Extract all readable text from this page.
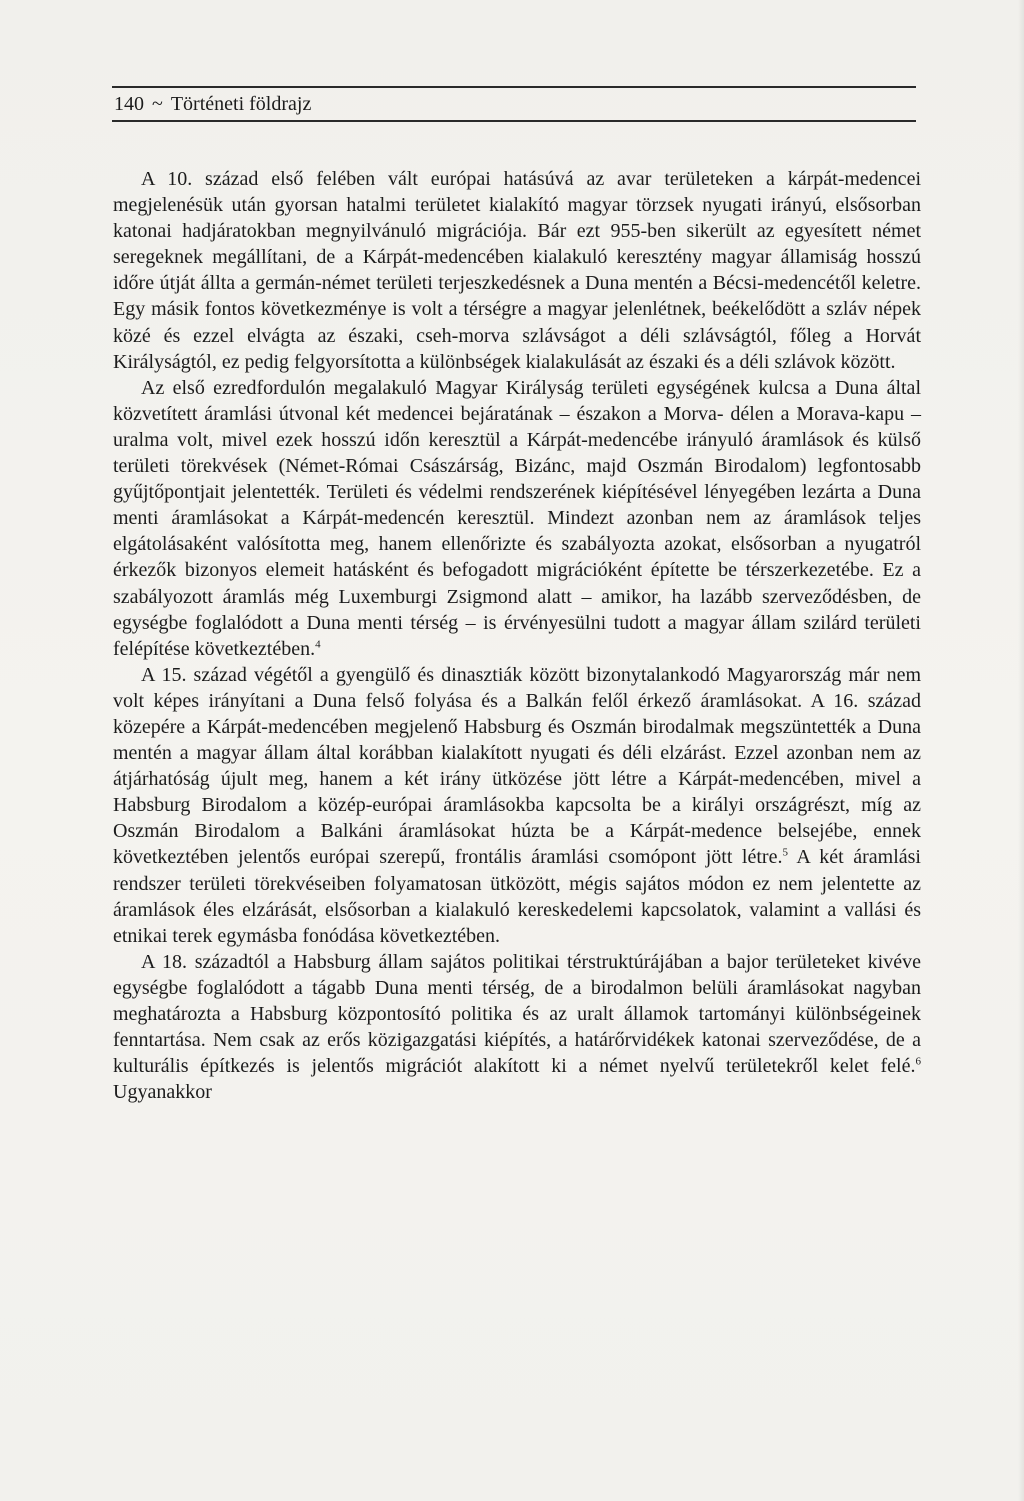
140 ~ Történeti földrajz

A 10. század első felében vált európai hatásúvá az avar területeken a kárpát-medencei megjelenésük után gyorsan hatalmi területet kialakító magyar törzsek nyugati irányú, elsősorban katonai hadjáratokban megnyilvánuló migrációja. Bár ezt 955-ben sikerült az egyesített német seregeknek megállítani, de a Kárpát-medencében kialakuló keresztény magyar államiság hosszú időre útját állta a germán-német területi terjeszkedésnek a Duna mentén a Bécsi-medencétől keletre. Egy másik fontos következménye is volt a térségre a magyar jelenlétnek, beékelődött a szláv népek közé és ezzel elvágta az északi, cseh-morva szlávságot a déli szlávságtól, főleg a Horvát Királyságtól, ez pedig felgyorsította a különbségek kialakulását az északi és a déli szlávok között.

Az első ezredfordulón megalakuló Magyar Királyság területi egységének kulcsa a Duna által közvetített áramlási útvonal két medencei bejáratának – északon a Morva- délen a Morava-kapu – uralma volt, mivel ezek hosszú időn keresztül a Kárpát-medencébe irányuló áramlások és külső területi törekvések (Német-Római Császárság, Bizánc, majd Oszmán Birodalom) legfontosabb gyűjtőpontjait jelentették. Területi és védelmi rendszerének kiépítésével lényegében lezárta a Duna menti áramlásokat a Kárpát-medencén keresztül. Mindezt azonban nem az áramlások teljes elgátolásaként valósította meg, hanem ellenőrizte és szabályozta azokat, elsősorban a nyugatról érkezők bizonyos elemeit hatásként és befogadott migrációként építette be térszerkezetébe. Ez a szabályozott áramlás még Luxemburgi Zsigmond alatt – amikor, ha lazább szerveződésben, de egységbe foglalódott a Duna menti térség – is érvényesülni tudott a magyar állam szilárd területi felépítése következtében.$^4$

A 15. század végétől a gyengülő és dinasztiák között bizonytalankodó Magyarország már nem volt képes irányítani a Duna felső folyása és a Balkán felől érkező áramlásokat. A 16. század közepére a Kárpát-medencében megjelenő Habsburg és Oszmán birodalmak megszüntették a Duna mentén a magyar állam által korábban kialakított nyugati és déli elzárást. Ezzel azonban nem az átjárhatóság újult meg, hanem a két irány ütközése jött létre a Kárpát-medencében, mivel a Habsburg Birodalom a közép-európai áramlásokba kapcsolta be a királyi országrészt, míg az Oszmán Birodalom a Balkáni áramlásokat húzta be a Kárpát-medence belsejébe, ennek következtében jelentős európai szerepű, frontális áramlási csomópont jött létre.$^5$ A két áramlási rendszer területi törekvéseiben folyamatosan ütközött, mégis sajátos módon ez nem jelentette az áramlások éles elzárását, elsősorban a kialakuló kereskedelemi kapcsolatok, valamint a vallási és etnikai terek egymásba fonódása következtében.

A 18. századtól a Habsburg állam sajátos politikai térstruktúrájában a bajor területeket kivéve egységbe foglalódott a tágabb Duna menti térség, de a birodalmon belüli áramlásokat nagyban meghatározta a Habsburg központosító politika és az uralt államok tartományi különbségeinek fenntartása. Nem csak az erős közigazgatási kiépítés, a határőrvidékek katonai szerveződése, de a kulturális építkezés is jelentős migrációt alakított ki a német nyelvű területekről kelet felé.$^6$ Ugyanakkor
